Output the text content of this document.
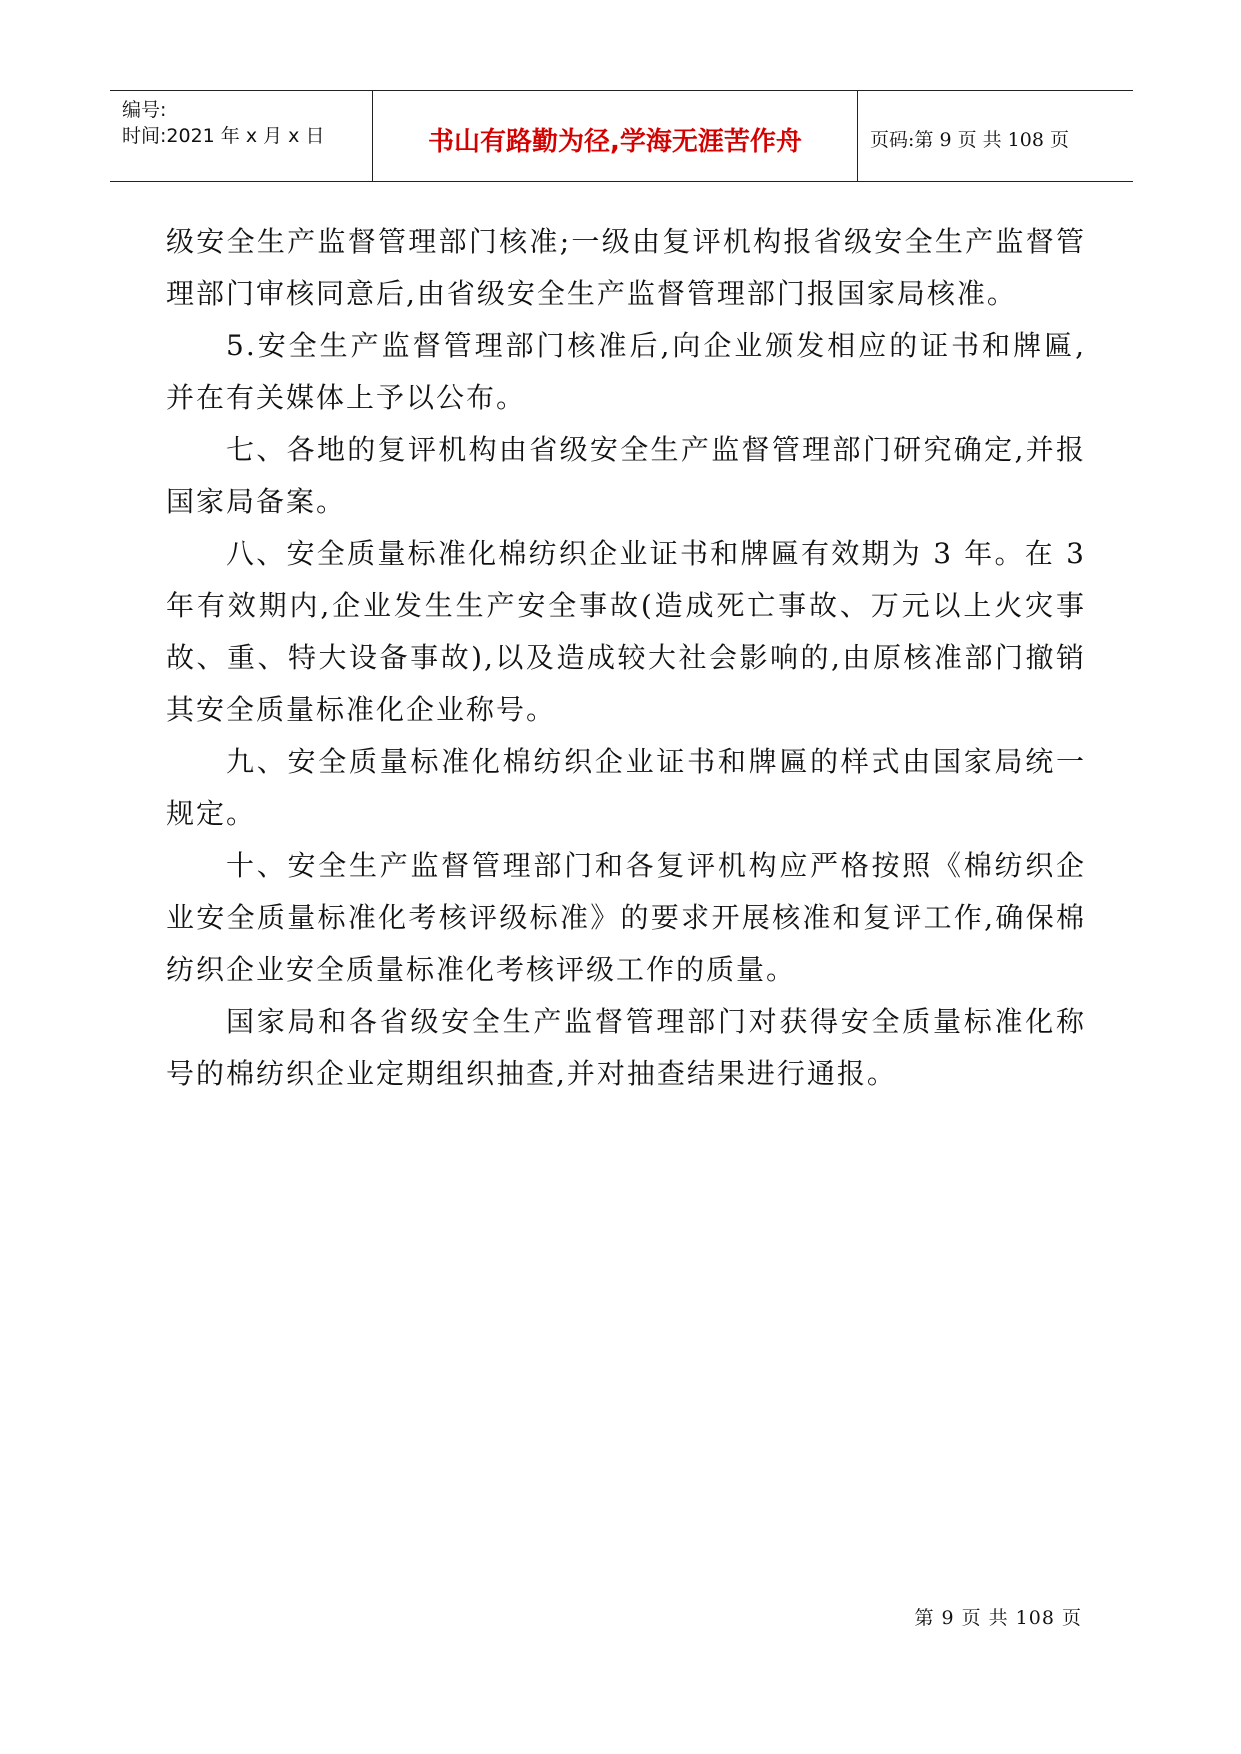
编号:
时间:2021 年 x 月 x 日	书山有路勤为径,学海无涯苦作舟	页码:第 9 页 共 108 页

级安全生产监督管理部门核准;一级由复评机构报省级安全生产监督管理部门审核同意后,由省级安全生产监督管理部门报国家局核准。

5.安全生产监督管理部门核准后,向企业颁发相应的证书和牌匾,并在有关媒体上予以公布。

七、各地的复评机构由省级安全生产监督管理部门研究确定,并报国家局备案。

八、安全质量标准化棉纺织企业证书和牌匾有效期为 3 年。在 3 年有效期内,企业发生生产安全事故(造成死亡事故、万元以上火灾事故、重、特大设备事故),以及造成较大社会影响的,由原核准部门撤销其安全质量标准化企业称号。

九、安全质量标准化棉纺织企业证书和牌匾的样式由国家局统一规定。

十、安全生产监督管理部门和各复评机构应严格按照《棉纺织企业安全质量标准化考核评级标准》的要求开展核准和复评工作,确保棉纺织企业安全质量标准化考核评级工作的质量。

国家局和各省级安全生产监督管理部门对获得安全质量标准化称号的棉纺织企业定期组织抽查,并对抽查结果进行通报。

第 9 页 共 108 页
